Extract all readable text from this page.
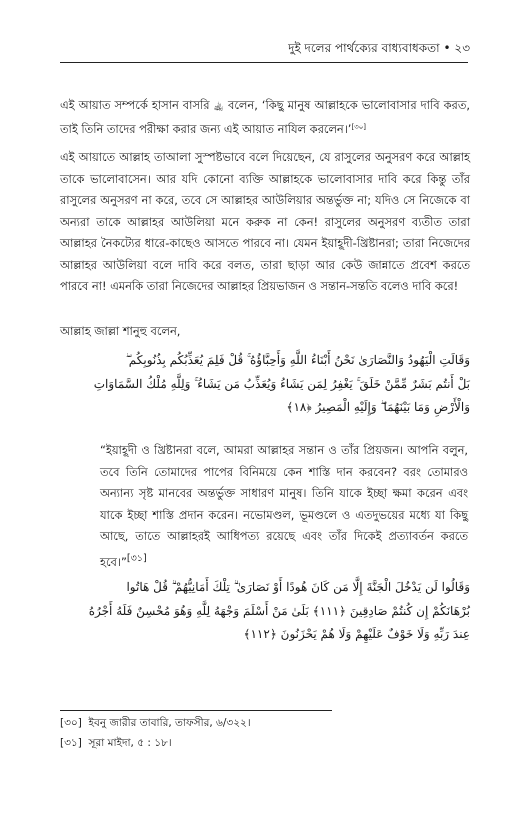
দুই দলের পার্থক্যের বাধ্যবাধকতা • ২৩
এই আয়াত সম্পর্কে হাসান বাসরি ﵀ বলেন, ‘কিছু মানুষ আল্লাহকে ভালোবাসার দাবি করত, তাই তিনি তাদের পরীক্ষা করার জন্য এই আয়াত নাযিল করলেন।’[৩০]
এই আয়াতে আল্লাহ তাআলা সুস্পষ্টভাবে বলে দিয়েছেন, যে রাসুলের অনুসরণ করে আল্লাহ তাকে ভালোবাসেন। আর যদি কোনো ব্যক্তি আল্লাহকে ভালোবাসার দাবি করে কিন্তু তাঁর রাসুলের অনুসরণ না করে, তবে সে আল্লাহর আউলিয়ার অন্তর্ভুক্ত না; যদিও সে নিজেকে বা অন্যরা তাকে আল্লাহর আউলিয়া মনে করুক না কেন! রাসুলের অনুসরণ ব্যতীত তারা আল্লাহর নৈকট্যের ধারে-কাছেও আসতে পারবে না। যেমন ইয়াহূদী-খ্রিষ্টানরা; তারা নিজেদের আল্লাহর আউলিয়া বলে দাবি করে বলত, তারা ছাড়া আর কেউ জান্নাতে প্রবেশ করতে পারবে না! এমনকি তারা নিজেদের আল্লাহর প্রিয়ভাজন ও সন্তান-সন্ততি বলেও দাবি করে!
আল্লাহ জাল্লা শানুহু বলেন,
وَقَالَتِ الْيَهُودُ وَالنَّصَارَىٰ نَحْنُ أَبْنَاءُ اللَّهِ وَأَحِبَّاؤُهُ ۚ قُلْ فَلِمَ يُعَذِّبُكُم بِذُنُوبِكُم ۖ
بَلْ أَنتُم بَشَرٌ مِّمَّنْ خَلَقَ ۚ يَغْفِرُ لِمَن يَشَاءُ وَيُعَذِّبُ مَن يَشَاءُ ۚ وَلِلَّهِ مُلْكُ السَّمَاوَاتِ
وَالْأَرْضِ وَمَا بَيْنَهُمَا ۖ وَإِلَيْهِ الْمَصِيرُ ﴿١٨﴾
“ইয়াহূদী ও খ্রিষ্টানরা বলে, আমরা আল্লাহর সন্তান ও তাঁর প্রিয়জন। আপনি বলুন, তবে তিনি তোমাদের পাপের বিনিময়ে কেন শাস্তি দান করবেন? বরং তোমারও অন্যান্য সৃষ্ট মানবের অন্তর্ভুক্ত সাধারণ মানুষ। তিনি যাকে ইচ্ছা ক্ষমা করেন এবং যাকে ইচ্ছা শাস্তি প্রদান করেন। নভোমণ্ডল, ভূমণ্ডলে ও এতদুভয়ের মধ্যে যা কিছু আছে, তাতে আল্লাহরই আধিপত্য রয়েছে এবং তাঁর দিকেই প্রত্যাবর্তন করতে হবে।”[৩১]
وَقَالُوا لَن يَدْخُلَ الْجَنَّةَ إِلَّا مَن كَانَ هُودًا أَوْ نَصَارَىٰ ۗ تِلْكَ أَمَانِيُّهُمْ ۗ قُلْ هَاتُوا
بُرْهَانَكُمْ إِن كُنتُمْ صَادِقِينَ ﴿١١١﴾ بَلَىٰ مَنْ أَسْلَمَ وَجْهَهُ لِلَّهِ وَهُوَ مُحْسِنٌ فَلَهُ أَجْرُهُ
عِندَ رَبِّهِ وَلَا خَوْفٌ عَلَيْهِمْ وَلَا هُمْ يَحْزَنُونَ ﴿١١٢﴾
[৩০] ইবনু জারীর তাবারি, তাফসীর, ৬/৩২২।
[৩১] সূরা মাইদা, ৫ : ১৮।
